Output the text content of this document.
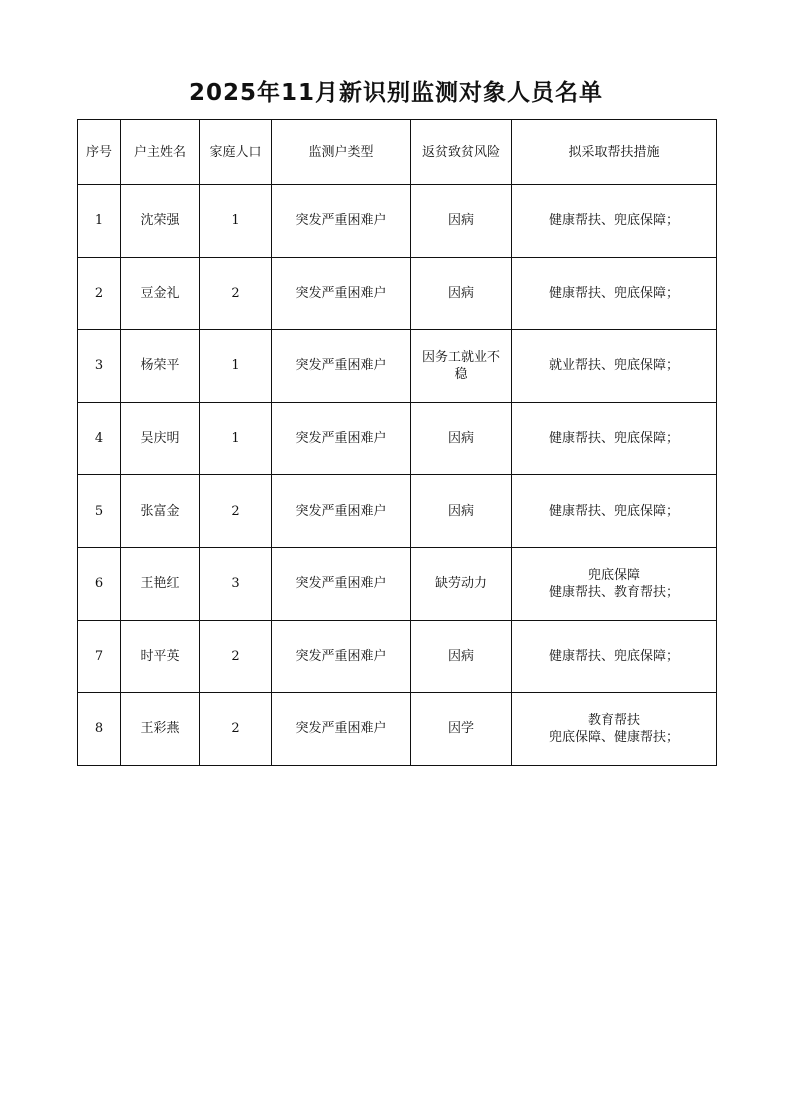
2025年11月新识别监测对象人员名单
序号	户主姓名	家庭人口	监测户类型	返贫致贫风险	拟采取帮扶措施
1	沈荣强	1	突发严重困难户	因病	健康帮扶、兜底保障；

2	豆金礼	2	突发严重困难户	因病	健康帮扶、兜底保障；

3	杨荣平	1	突发严重困难户	因务工就业不稳	就业帮扶、兜底保障；

4	吴庆明	1	突发严重困难户	因病	健康帮扶、兜底保障；

5	张富金	2	突发严重困难户	因病	健康帮扶、兜底保障；

6	王艳红	3	突发严重困难户	缺劳动力	兜底保障
健康帮扶、教育帮扶；

7	时平英	2	突发严重困难户	因病	健康帮扶、兜底保障；

8	王彩燕	2	突发严重困难户	因学	教育帮扶
兜底保障、健康帮扶；
